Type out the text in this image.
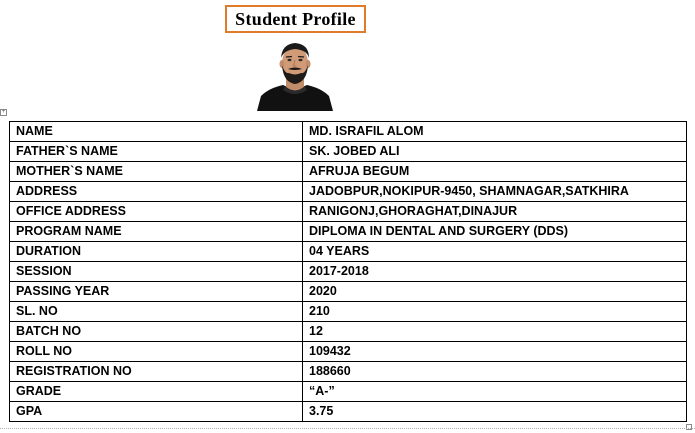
Student Profile
+
NAME	MD. ISRAFIL ALOM
FATHER`S NAME	SK. JOBED ALI
MOTHER`S NAME	AFRUJA BEGUM
ADDRESS	JADOBPUR,NOKIPUR-9450, SHAMNAGAR,SATKHIRA
OFFICE ADDRESS	RANIGONJ,GHORAGHAT,DINAJUR
PROGRAM NAME	DIPLOMA IN DENTAL AND SURGERY (DDS)
DURATION	04 YEARS
SESSION	2017-2018
PASSING YEAR	2020
SL. NO	210
BATCH NO	12
ROLL NO	109432
REGISTRATION NO	188660
GRADE	“A-”
GPA	3.75
